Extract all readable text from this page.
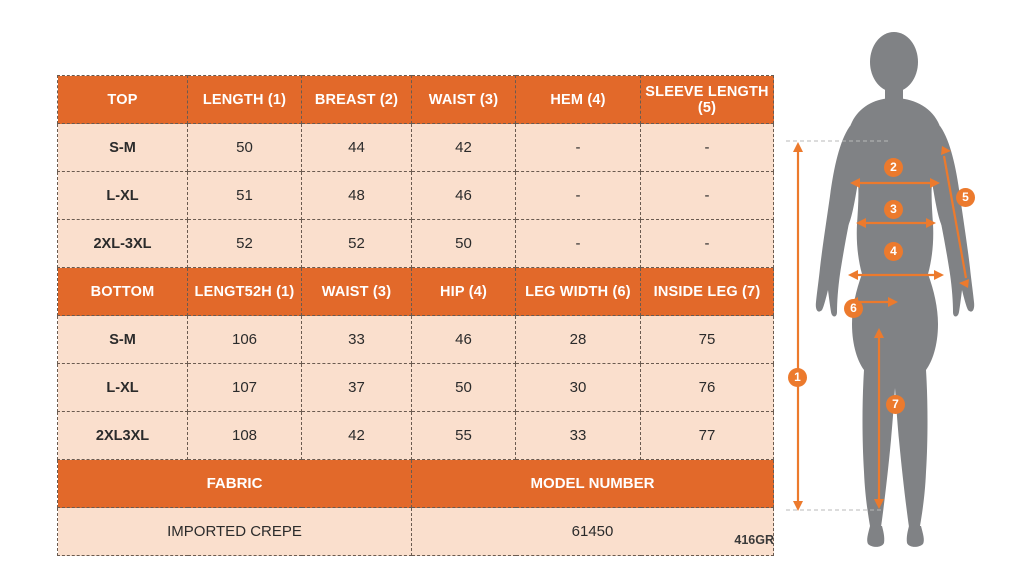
TOP	LENGTH (1)	BREAST (2)	WAIST (3)	HEM (4)	SLEEVE LENGTH (5)
S-M	50	44	42	-	-
L-XL	51	48	46	-	-
2XL-3XL	52	52	50	-	-
BOTTOM	LENGT52H (1)	WAIST (3)	HIP (4)	LEG WIDTH (6)	INSIDE LEG (7)
S-M	106	33	46	28	75
L-XL	107	37	50	30	76
2XL3XL	108	42	55	33	77
FABRIC			MODEL NUMBER		
IMPORTED CREPE			61450			416GR
1
2
3
4
5
6
7
